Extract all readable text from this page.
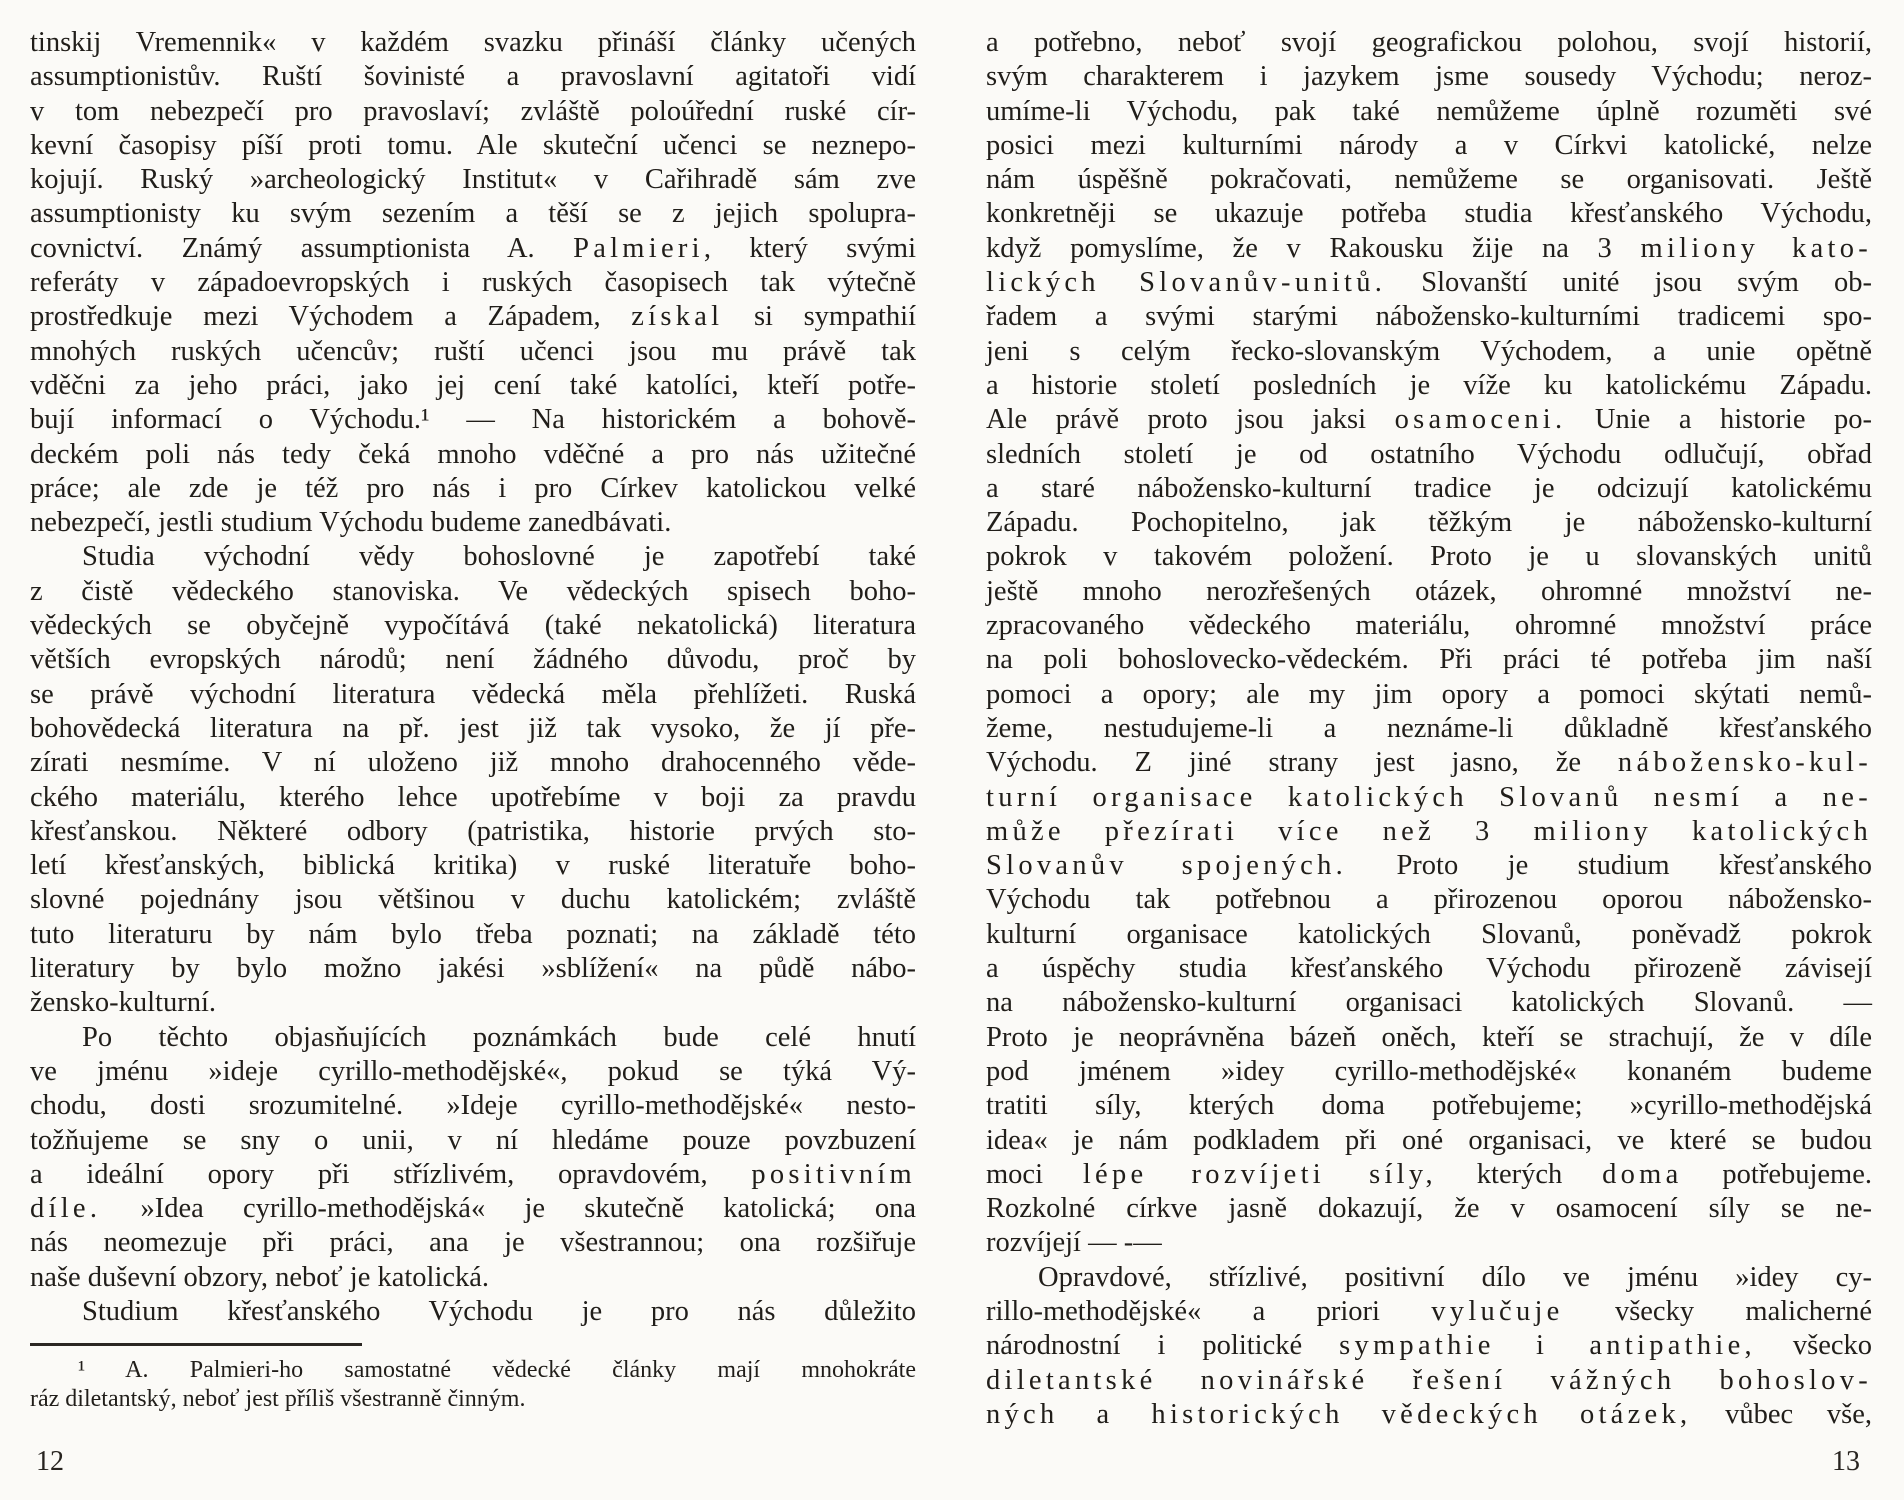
tinskij Vremennik« v každém svazku přináší články učených
assumptionistův. Ruští šovinisté a pravoslavní agitatoři vidí
v tom nebezpečí pro pravoslaví; zvláště poloúřední ruské cír-
kevní časopisy píší proti tomu. Ale skuteční učenci se neznepo-
kojují. Ruský »archeologický Institut« v Cařihradě sám zve
assumptionisty ku svým sezením a těší se z jejich spolupra-
covnictví. Známý assumptionista A. Palmieri, který svými
referáty v západoevropských i ruských časopisech tak výtečně
prostředkuje mezi Východem a Západem, získal si sympathií
mnohých ruských učencův; ruští učenci jsou mu právě tak
vděčni za jeho práci, jako jej cení také katolíci, kteří potře-
bují informací o Východu.¹ — Na historickém a bohově-
deckém poli nás tedy čeká mnoho vděčné a pro nás užitečné
práce; ale zde je též pro nás i pro Církev katolickou velké
nebezpečí, jestli studium Východu budeme zanedbávati.
Studia východní vědy bohoslovné je zapotřebí také
z čistě vědeckého stanoviska. Ve vědeckých spisech boho-
vědeckých se obyčejně vypočítává (také nekatolická) literatura
větších evropských národů; není žádného důvodu, proč by
se právě východní literatura vědecká měla přehlížeti. Ruská
bohovědecká literatura na př. jest již tak vysoko, že jí pře-
zírati nesmíme. V ní uloženo již mnoho drahocenného věde-
ckého materiálu, kterého lehce upotřebíme v boji za pravdu
křesťanskou. Některé odbory (patristika, historie prvých sto-
letí křesťanských, biblická kritika) v ruské literatuře boho-
slovné pojednány jsou většinou v duchu katolickém; zvláště
tuto literaturu by nám bylo třeba poznati; na základě této
literatury by bylo možno jakési »sblížení« na půdě nábo-
žensko-kulturní.
Po těchto objasňujících poznámkách bude celé hnutí
ve jménu »ideje cyrillo-methodějské«, pokud se týká Vý-
chodu, dosti srozumitelné. »Ideje cyrillo-methodějské« nesto-
tožňujeme se sny o unii, v ní hledáme pouze povzbuzení
a ideální opory při střízlivém, opravdovém, positivním
díle. »Idea cyrillo-methodějská« je skutečně katolická; ona
nás neomezuje při práci, ana je všestrannou; ona rozšiřuje
naše duševní obzory, neboť je katolická.
Studium křesťanského Východu je pro nás důležito
¹ A. Palmieri-ho samostatné vědecké články mají mnohokráte
ráz diletantský, neboť jest příliš všestranně činným.
12
a potřebno, neboť svojí geografickou polohou, svojí historií,
svým charakterem i jazykem jsme sousedy Východu; neroz-
umíme-li Východu, pak také nemůžeme úplně rozuměti své
posici mezi kulturními národy a v Církvi katolické, nelze
nám úspěšně pokračovati, nemůžeme se organisovati. Ještě
konkretněji se ukazuje potřeba studia křesťanského Východu,
když pomyslíme, že v Rakousku žije na 3 miliony kato-
lických Slovanův-unitů. Slovanští unité jsou svým ob-
řadem a svými starými nábožensko-kulturními tradicemi spo-
jeni s celým řecko-slovanským Východem, a unie opětně
a historie století posledních je víže ku katolickému Západu.
Ale právě proto jsou jaksi osamoceni. Unie a historie po-
sledních století je od ostatního Východu odlučují, obřad
a staré nábožensko-kulturní tradice je odcizují katolickému
Západu. Pochopitelno, jak těžkým je nábožensko-kulturní
pokrok v takovém položení. Proto je u slovanských unitů
ještě mnoho nerozřešených otázek, ohromné množství ne-
zpracovaného vědeckého materiálu, ohromné množství práce
na poli bohoslovecko-vědeckém. Při práci té potřeba jim naší
pomoci a opory; ale my jim opory a pomoci skýtati nemů-
žeme, nestudujeme-li a neznáme-li důkladně křesťanského
Východu. Z jiné strany jest jasno, že nábožensko-kul-
turní organisace katolických Slovanů nesmí a ne-
může přezírati více než 3 miliony katolických
Slovanův spojených. Proto je studium křesťanského
Východu tak potřebnou a přirozenou oporou nábožensko-
kulturní organisace katolických Slovanů, poněvadž pokrok
a úspěchy studia křesťanského Východu přirozeně závisejí
na nábožensko-kulturní organisaci katolických Slovanů. —
Proto je neoprávněna bázeň oněch, kteří se strachují, že v díle
pod jménem »idey cyrillo-methodějské« konaném budeme
tratiti síly, kterých doma potřebujeme; »cyrillo-methodějská
idea« je nám podkladem při oné organisaci, ve které se budou
moci lépe rozvíjeti síly, kterých doma potřebujeme.
Rozkolné církve jasně dokazují, že v osamocení síly se ne-
rozvíjejí — -—
Opravdové, střízlivé, positivní dílo ve jménu »idey cy-
rillo-methodějské« a priori vylučuje všecky malicherné
národnostní i politické sympathie i antipathie, všecko
diletantské novinářské řešení vážných bohoslov-
ných a historických vědeckých otázek, vůbec vše,
13
